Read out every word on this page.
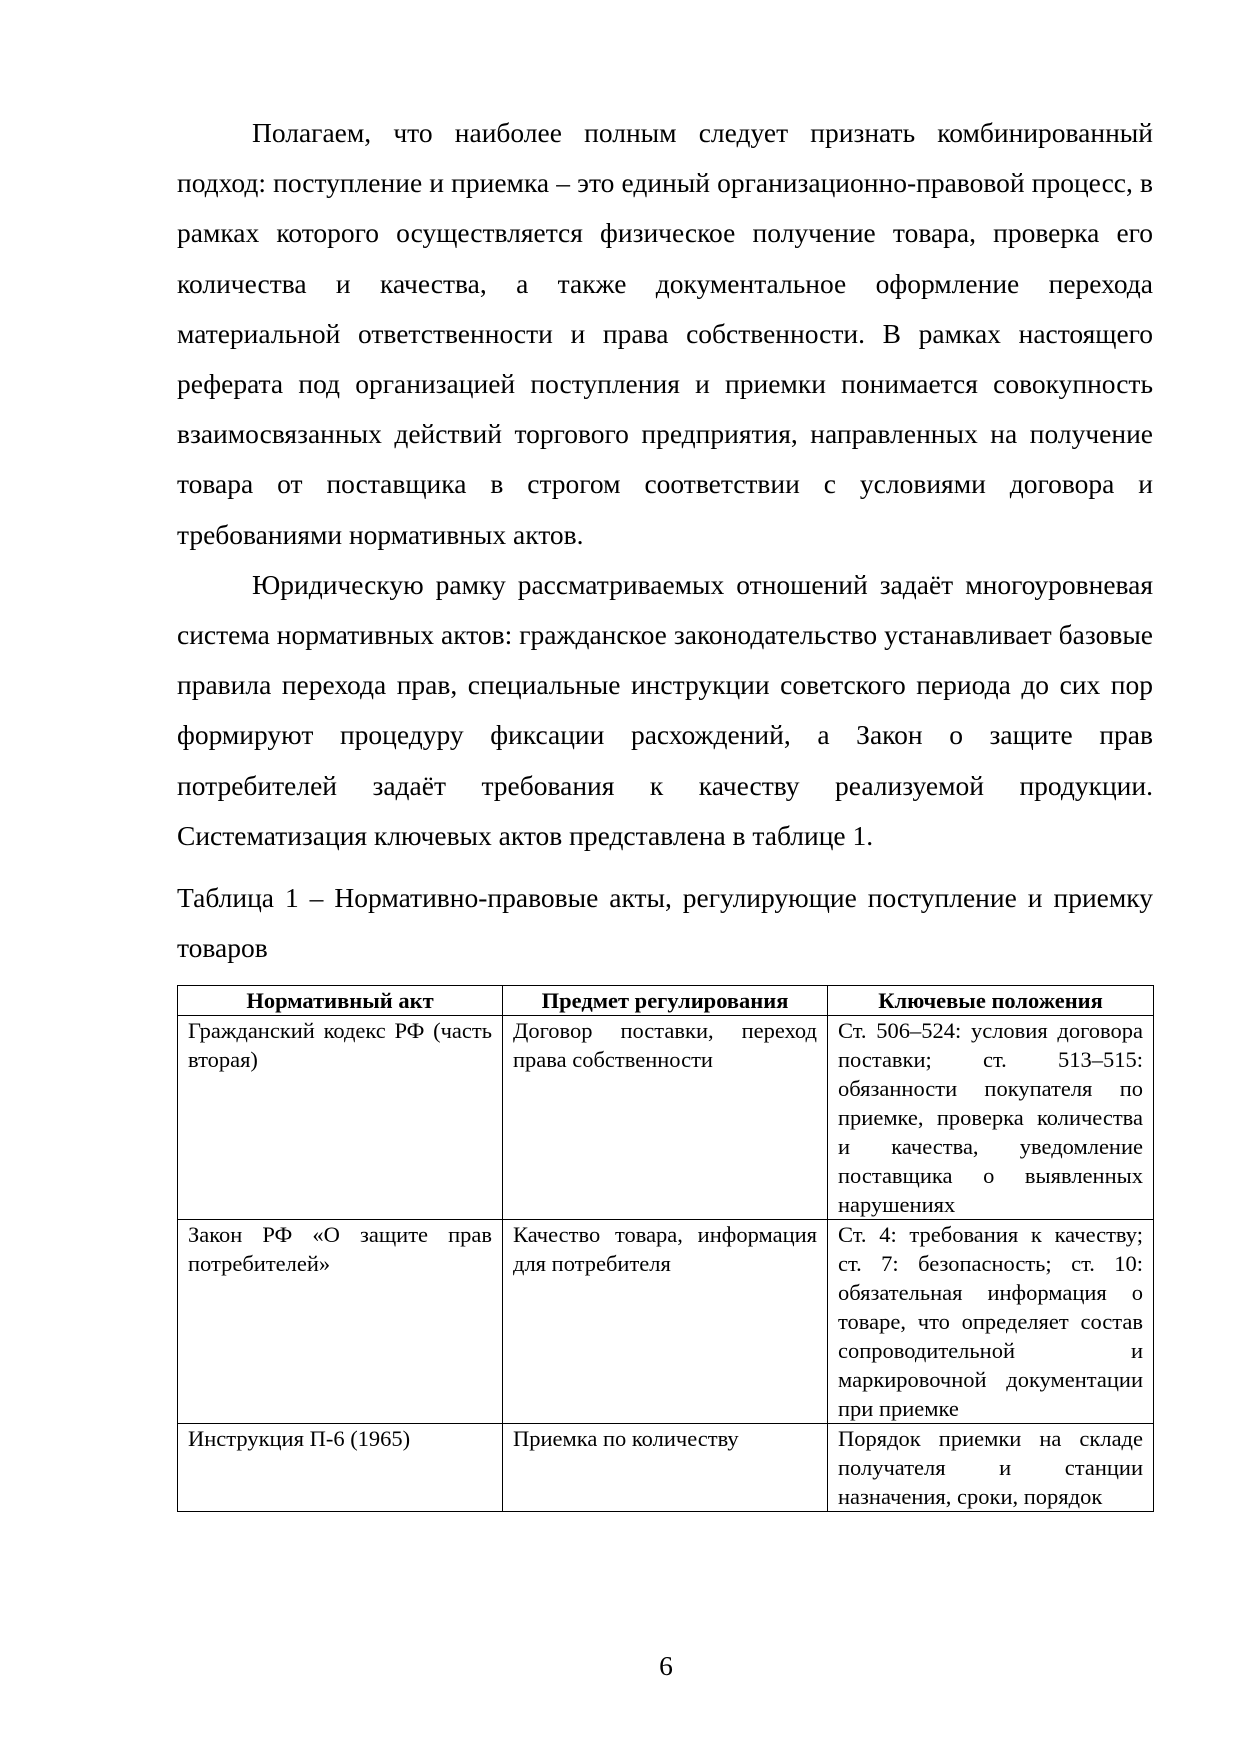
Полагаем, что наиболее полным следует признать комбинированный подход: поступление и приемка – это единый организационно-правовой процесс, в рамках которого осуществляется физическое получение товара, проверка его количества и качества, а также документальное оформление перехода материальной ответственности и права собственности. В рамках настоящего реферата под организацией поступления и приемки понимается совокупность взаимосвязанных действий торгового предприятия, направленных на получение товара от поставщика в строгом соответствии с условиями договора и требованиями нормативных актов.

Юридическую рамку рассматриваемых отношений задаёт многоуровневая система нормативных актов: гражданское законодательство устанавливает базовые правила перехода прав, специальные инструкции советского периода до сих пор формируют процедуру фиксации расхождений, а Закон о защите прав потребителей задаёт требования к качеству реализуемой продукции. Систематизация ключевых актов представлена в таблице 1.

Таблица 1 – Нормативно-правовые акты, регулирующие поступление и приемку товаров

Нормативный акт	Предмет регулирования	Ключевые положения
Гражданский кодекс РФ (часть вторая)	Договор поставки, переход права собственности	Ст. 506–524: условия договора поставки; ст. 513–515: обязанности покупателя по приемке, проверка количества и качества, уведомление поставщика о выявленных нарушениях
Закон РФ «О защите прав потребителей»	Качество товара, информация для потребителя	Ст. 4: требования к качеству; ст. 7: безопасность; ст. 10: обязательная информация о товаре, что определяет состав сопроводительной и маркировочной документации при приемке
Инструкция П-6 (1965)	Приемка по количеству	Порядок приемки на складе получателя и станции назначения, сроки, порядок
6
